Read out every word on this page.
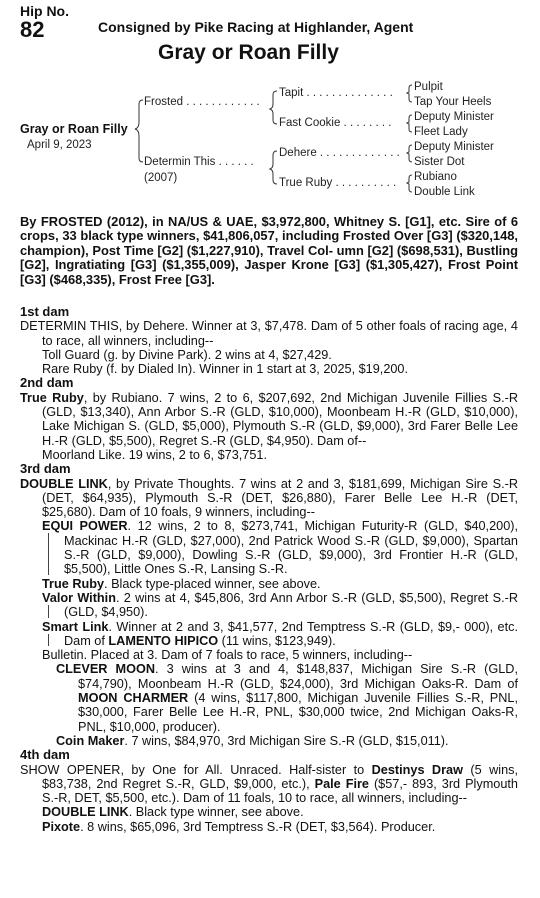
Hip No.
82	Consigned by Pike Racing at Highlander, Agent
Gray or Roan Filly
Gray or Roan Filly
April 9, 2023
Frosted . . . . . . . . . . . .
Determin This . . . . . .
(2007)
Tapit . . . . . . . . . . . . . .
Fast Cookie . . . . . . . .
Dehere . . . . . . . . . . . . .
True Ruby . . . . . . . . . .
Pulpit
Tap Your Heels
Deputy Minister
Fleet Lady
Deputy Minister
Sister Dot
Rubiano
Double Link
By FROSTED (2012), in NA/US & UAE, $3,972,800, Whitney S. [G1], etc. Sire of 6 crops, 33 black type winners, $41,806,057, including Frosted Over [G3] ($320,148, champion), Post Time [G2] ($1,227,910), Travel Col- umn [G2] ($698,531), Bustling [G2], Ingratiating [G3] ($1,355,009), Jasper Krone [G3] ($1,305,427), Frost Point [G3] ($468,335), Frost Free [G3].

1st dam

DETERMIN THIS, by Dehere. Winner at 3, $7,478. Dam of 5 other foals of racing age, 4 to race, all winners, including--

Toll Guard (g. by Divine Park). 2 wins at 4, $27,429.

Rare Ruby (f. by Dialed In). Winner in 1 start at 3, 2025, $19,200.

2nd dam

True Ruby, by Rubiano. 7 wins, 2 to 6, $207,692, 2nd Michigan Juvenile Fillies S.-R (GLD, $13,340), Ann Arbor S.-R (GLD, $10,000), Moonbeam H.-R (GLD, $10,000), Lake Michigan S. (GLD, $5,000), Plymouth S.-R (GLD, $9,000), 3rd Farer Belle Lee H.-R (GLD, $5,500), Regret S.-R (GLD, $4,950). Dam of--

Moorland Like. 19 wins, 2 to 6, $73,751.

3rd dam

DOUBLE LINK, by Private Thoughts. 7 wins at 2 and 3, $181,699, Michigan Sire S.-R (DET, $64,935), Plymouth S.-R (DET, $26,880), Farer Belle Lee H.-R (DET, $25,680). Dam of 10 foals, 9 winners, including--

EQUI POWER. 12 wins, 2 to 8, $273,741, Michigan Futurity-R (GLD, $40,200), Mackinac H.-R (GLD, $27,000), 2nd Patrick Wood S.-R (GLD, $9,000), Spartan S.-R (GLD, $9,000), Dowling S.-R (GLD, $9,000), 3rd Frontier H.-R (GLD, $5,500), Little Ones S.-R, Lansing S.-R.

True Ruby. Black type-placed winner, see above.

Valor Within. 2 wins at 4, $45,806, 3rd Ann Arbor S.-R (GLD, $5,500), Regret S.-R (GLD, $4,950).

Smart Link. Winner at 2 and 3, $41,577, 2nd Temptress S.-R (GLD, $9,- 000), etc. Dam of LAMENTO HIPICO (11 wins, $123,949).

Bulletin. Placed at 3. Dam of 7 foals to race, 5 winners, including--

CLEVER MOON. 3 wins at 3 and 4, $148,837, Michigan Sire S.-R (GLD, $74,790), Moonbeam H.-R (GLD, $24,000), 3rd Michigan Oaks-R. Dam of MOON CHARMER (4 wins, $117,800, Michigan Juvenile Fillies S.-R, PNL, $30,000, Farer Belle Lee H.-R, PNL, $30,000 twice, 2nd Michigan Oaks-R, PNL, $10,000, producer).

Coin Maker. 7 wins, $84,970, 3rd Michigan Sire S.-R (GLD, $15,011).

4th dam

SHOW OPENER, by One for All. Unraced. Half-sister to Destinys Draw (5 wins, $83,738, 2nd Regret S.-R, GLD, $9,000, etc.), Pale Fire ($57,- 893, 3rd Plymouth S.-R, DET, $5,500, etc.). Dam of 11 foals, 10 to race, all winners, including--

DOUBLE LINK. Black type winner, see above.

Pixote. 8 wins, $65,096, 3rd Temptress S.-R (DET, $3,564). Producer.
